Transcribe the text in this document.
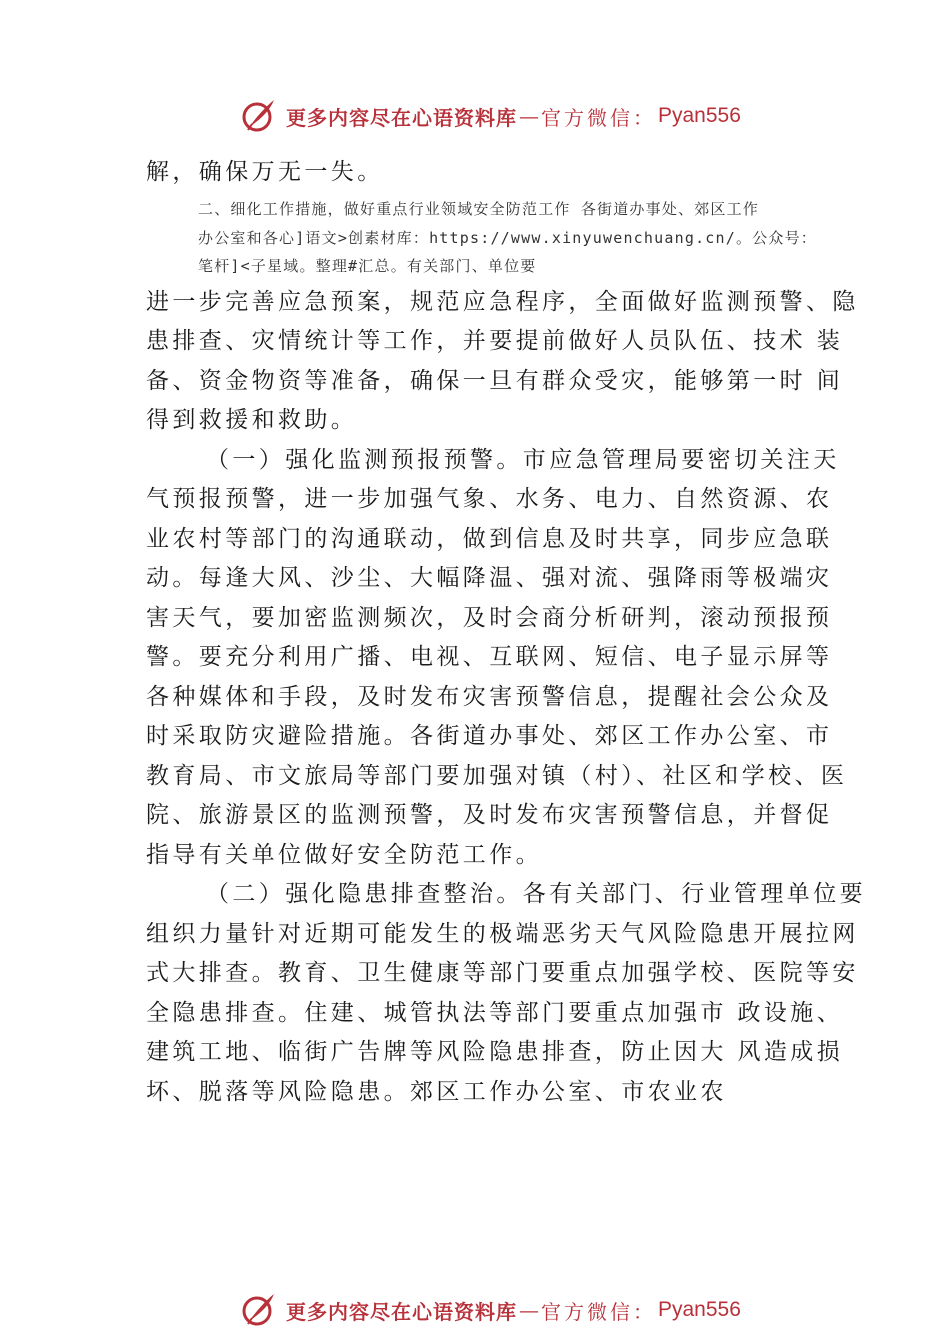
更多内容尽在心语资料库 — 官方微信： Pyan556
解，确保万无一失。
二、细化工作措施，做好重点行业领域安全防范工作 各街道办事处、郊区工作
办公室和各心]语文>创素材库：https://www.xinyuwenchuang.cn/。公众号：
笔杆]<子星域。整理#汇总。有关部门、单位要
进一步完善应急预案，规范应急程序，全面做好监测预警、隐
患排查、灾情统计等工作，并要提前做好人员队伍、技术 装
备、资金物资等准备，确保一旦有群众受灾，能够第一时 间
得到救援和救助。
（一）强化监测预报预警。市应急管理局要密切关注天
气预报预警，进一步加强气象、水务、电力、自然资源、农
业农村等部门的沟通联动，做到信息及时共享，同步应急联
动。每逢大风、沙尘、大幅降温、强对流、强降雨等极端灾
害天气，要加密监测频次，及时会商分析研判，滚动预报预
警。要充分利用广播、电视、互联网、短信、电子显示屏等
各种媒体和手段，及时发布灾害预警信息，提醒社会公众及
时采取防灾避险措施。各街道办事处、郊区工作办公室、市
教育局、市文旅局等部门要加强对镇（村）、社区和学校、医
院、旅游景区的监测预警，及时发布灾害预警信息，并督促
指导有关单位做好安全防范工作。
（二）强化隐患排查整治。各有关部门、行业管理单位要
组织力量针对近期可能发生的极端恶劣天气风险隐患开展拉网
式大排查。教育、卫生健康等部门要重点加强学校、医院等安
全隐患排查。住建、城管执法等部门要重点加强市 政设施、
建筑工地、临街广告牌等风险隐患排查，防止因大 风造成损
坏、脱落等风险隐患。郊区工作办公室、市农业农
更多内容尽在心语资料库 — 官方微信： Pyan556
